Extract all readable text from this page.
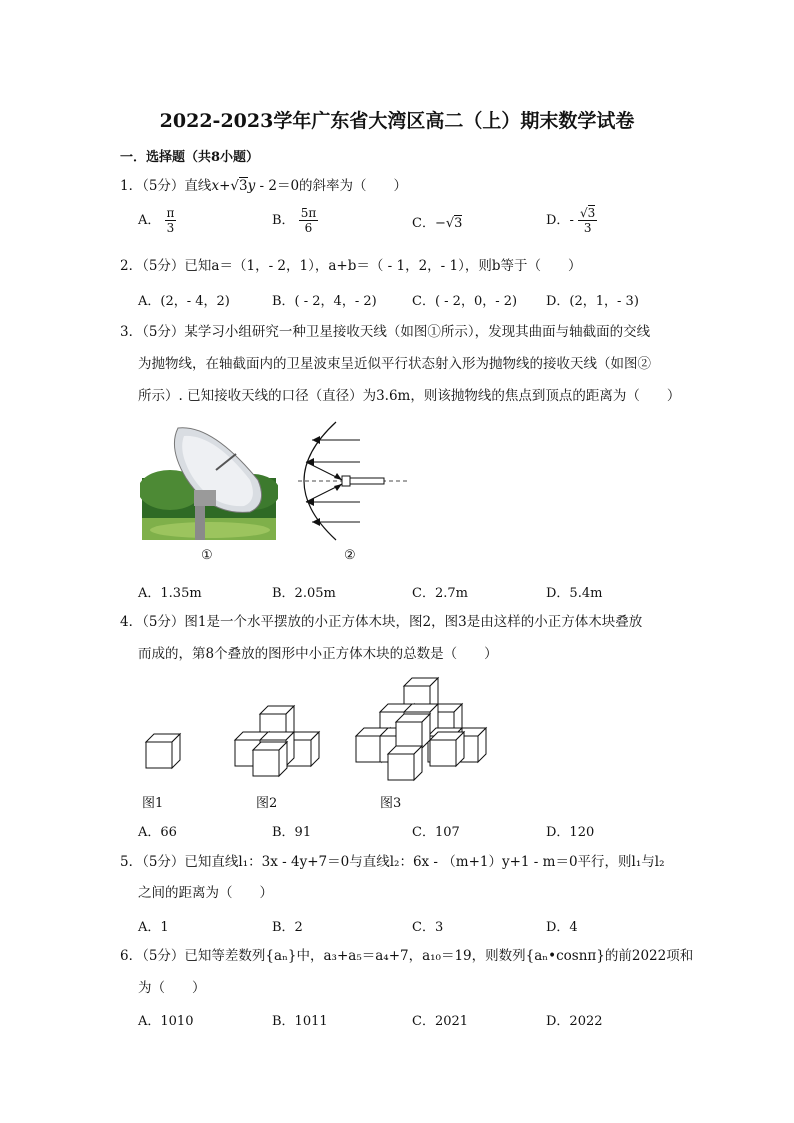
2022-2023学年广东省大湾区高二（上）期末数学试卷
一．选择题（共8小题）
1．（5分）直线x+√3y - 2＝0的斜率为（　　）
A． $\frac{\pi}{3}$	B． $\frac{5\pi}{6}$	C．−√3	D．- $\frac{√3}{3}$
2．（5分）已知a＝（1，- 2，1），a+b＝（ - 1，2，- 1），则b等于（　　）
A．(2，- 4，2)	B．( - 2，4，- 2)	C．( - 2，0，- 2) D．(2，1，- 3)
3．（5分）某学习小组研究一种卫星接收天线（如图①所示），发现其曲面与轴截面的交线
为抛物线，在轴截面内的卫星波束呈近似平行状态射入形为抛物线的接收天线（如图②
所示）. 已知接收天线的口径（直径）为3.6m，则该抛物线的焦点到顶点的距离为（　　）
①	②
A．1.35m	B．2.05m	C．2.7m	D．5.4m
4．（5分）图1是一个水平摆放的小正方体木块，图2，图3是由这样的小正方体木块叠放
而成的，第8个叠放的图形中小正方体木块的总数是（　　）
图1	图2	图3
A．66	B．91	C．107	D．120
5．（5分）已知直线l₁：3x - 4y+7＝0与直线l₂：6x - （m+1）y+1 - m＝0平行，则l₁与l₂
之间的距离为（　　）
A．1	B．2	C．3	D．4
6．（5分）已知等差数列{aₙ}中，a₃+a₅＝a₄+7，a₁₀＝19，则数列{aₙ•cosnπ}的前2022项和
为（　　）
A．1010	B．1011	C．2021	D．2022
